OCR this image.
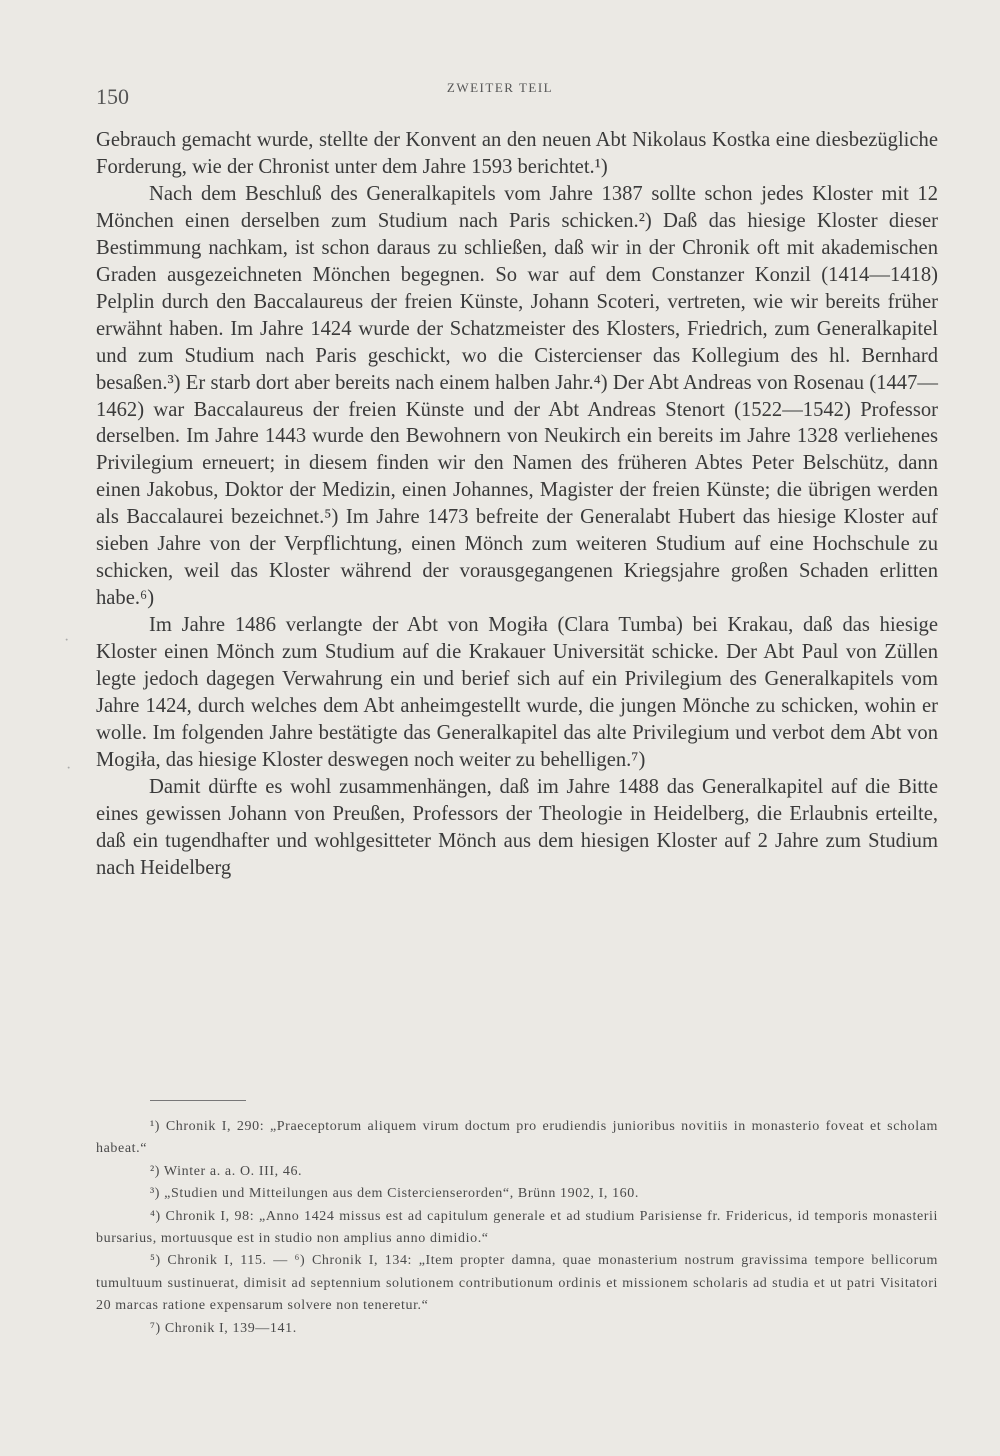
150	ZWEITER TEIL

Gebrauch gemacht wurde, stellte der Konvent an den neuen Abt Nikolaus Kostka eine diesbezügliche Forderung, wie der Chronist unter dem Jahre 1593 berichtet.¹)

Nach dem Beschluß des Generalkapitels vom Jahre 1387 sollte schon jedes Kloster mit 12 Mönchen einen derselben zum Studium nach Paris schicken.²) Daß das hiesige Kloster dieser Bestimmung nachkam, ist schon daraus zu schließen, daß wir in der Chronik oft mit akademischen Graden ausgezeichneten Mönchen begegnen. So war auf dem Constanzer Konzil (1414—1418) Pelplin durch den Baccalaureus der freien Künste, Johann Scoteri, vertreten, wie wir bereits früher erwähnt haben. Im Jahre 1424 wurde der Schatzmeister des Klosters, Friedrich, zum Generalkapitel und zum Studium nach Paris geschickt, wo die Cistercienser das Kollegium des hl. Bernhard besaßen.³) Er starb dort aber bereits nach einem halben Jahr.⁴) Der Abt Andreas von Rosenau (1447—1462) war Baccalaureus der freien Künste und der Abt Andreas Stenort (1522—1542) Professor derselben. Im Jahre 1443 wurde den Bewohnern von Neukirch ein bereits im Jahre 1328 verliehenes Privilegium erneuert; in diesem finden wir den Namen des früheren Abtes Peter Belschütz, dann einen Jakobus, Doktor der Medizin, einen Johannes, Magister der freien Künste; die übrigen werden als Baccalaurei bezeichnet.⁵) Im Jahre 1473 befreite der Generalabt Hubert das hiesige Kloster auf sieben Jahre von der Verpflichtung, einen Mönch zum weiteren Studium auf eine Hochschule zu schicken, weil das Kloster während der vorausgegangenen Kriegsjahre großen Schaden erlitten habe.⁶)

Im Jahre 1486 verlangte der Abt von Mogiła (Clara Tumba) bei Krakau, daß das hiesige Kloster einen Mönch zum Studium auf die Krakauer Universität schicke. Der Abt Paul von Züllen legte jedoch dagegen Verwahrung ein und berief sich auf ein Privilegium des Generalkapitels vom Jahre 1424, durch welches dem Abt anheimgestellt wurde, die jungen Mönche zu schicken, wohin er wolle. Im folgenden Jahre bestätigte das Generalkapitel das alte Privilegium und verbot dem Abt von Mogiła, das hiesige Kloster deswegen noch weiter zu behelligen.⁷)

Damit dürfte es wohl zusammenhängen, daß im Jahre 1488 das Generalkapitel auf die Bitte eines gewissen Johann von Preußen, Professors der Theologie in Heidelberg, die Erlaubnis erteilte, daß ein tugendhafter und wohlgesitteter Mönch aus dem hiesigen Kloster auf 2 Jahre zum Studium nach Heidelberg

¹) Chronik I, 290: „Praeceptorum aliquem virum doctum pro erudiendis junioribus novitiis in monasterio foveat et scholam habeat.“

²) Winter a. a. O. III, 46.

³) „Studien und Mitteilungen aus dem Cistercienserorden“, Brünn 1902, I, 160.

⁴) Chronik I, 98: „Anno 1424 missus est ad capitulum generale et ad studium Parisiense fr. Fridericus, id temporis monasterii bursarius, mortuusque est in studio non amplius anno dimidio.“

⁵) Chronik I, 115. — ⁶) Chronik I, 134: „Item propter damna, quae monasterium nostrum gravissima tempore bellicorum tumultuum sustinuerat, dimisit ad septennium solutionem contributionum ordinis et missionem scholaris ad studia et ut patri Visitatori 20 marcas ratione expensarum solvere non teneretur.“

⁷) Chronik I, 139—141.

·
·
